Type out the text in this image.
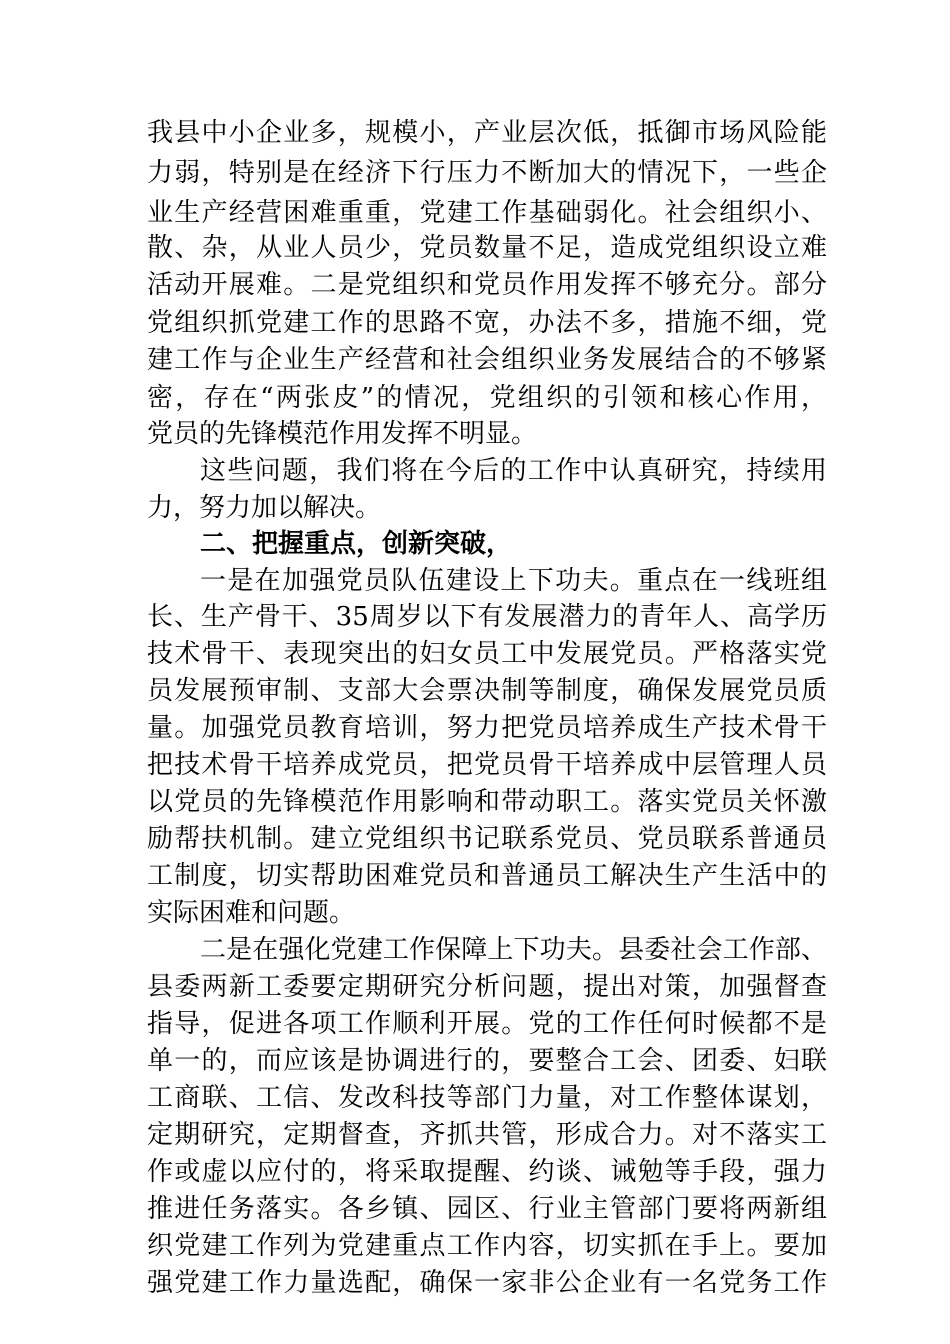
我县中小企业多，规模小，产业层次低，抵御市场风险能
力弱，特别是在经济下行压力不断加大的情况下，一些企
业生产经营困难重重，党建工作基础弱化。社会组织小、
散、杂，从业人员少，党员数量不足，造成党组织设立难
活动开展难。二是党组织和党员作用发挥不够充分。部分
党组织抓党建工作的思路不宽，办法不多，措施不细，党
建工作与企业生产经营和社会组织业务发展结合的不够紧
密，存在“两张皮”的情况，党组织的引领和核心作用，
党员的先锋模范作用发挥不明显。
这些问题，我们将在今后的工作中认真研究，持续用
力，努力加以解决。
二、把握重点，创新突破，
一是在加强党员队伍建设上下功夫。重点在一线班组
长、生产骨干、35周岁以下有发展潜力的青年人、高学历
技术骨干、表现突出的妇女员工中发展党员。严格落实党
员发展预审制、支部大会票决制等制度，确保发展党员质
量。加强党员教育培训，努力把党员培养成生产技术骨干
把技术骨干培养成党员，把党员骨干培养成中层管理人员
以党员的先锋模范作用影响和带动职工。落实党员关怀激
励帮扶机制。建立党组织书记联系党员、党员联系普通员
工制度，切实帮助困难党员和普通员工解决生产生活中的
实际困难和问题。
二是在强化党建工作保障上下功夫。县委社会工作部、
县委两新工委要定期研究分析问题，提出对策，加强督查
指导，促进各项工作顺利开展。党的工作任何时候都不是
单一的，而应该是协调进行的，要整合工会、团委、妇联
工商联、工信、发改科技等部门力量，对工作整体谋划，
定期研究，定期督查，齐抓共管，形成合力。对不落实工
作或虚以应付的，将采取提醒、约谈、诫勉等手段，强力
推进任务落实。各乡镇、园区、行业主管部门要将两新组
织党建工作列为党建重点工作内容，切实抓在手上。要加
强党建工作力量选配，确保一家非公企业有一名党务工作
